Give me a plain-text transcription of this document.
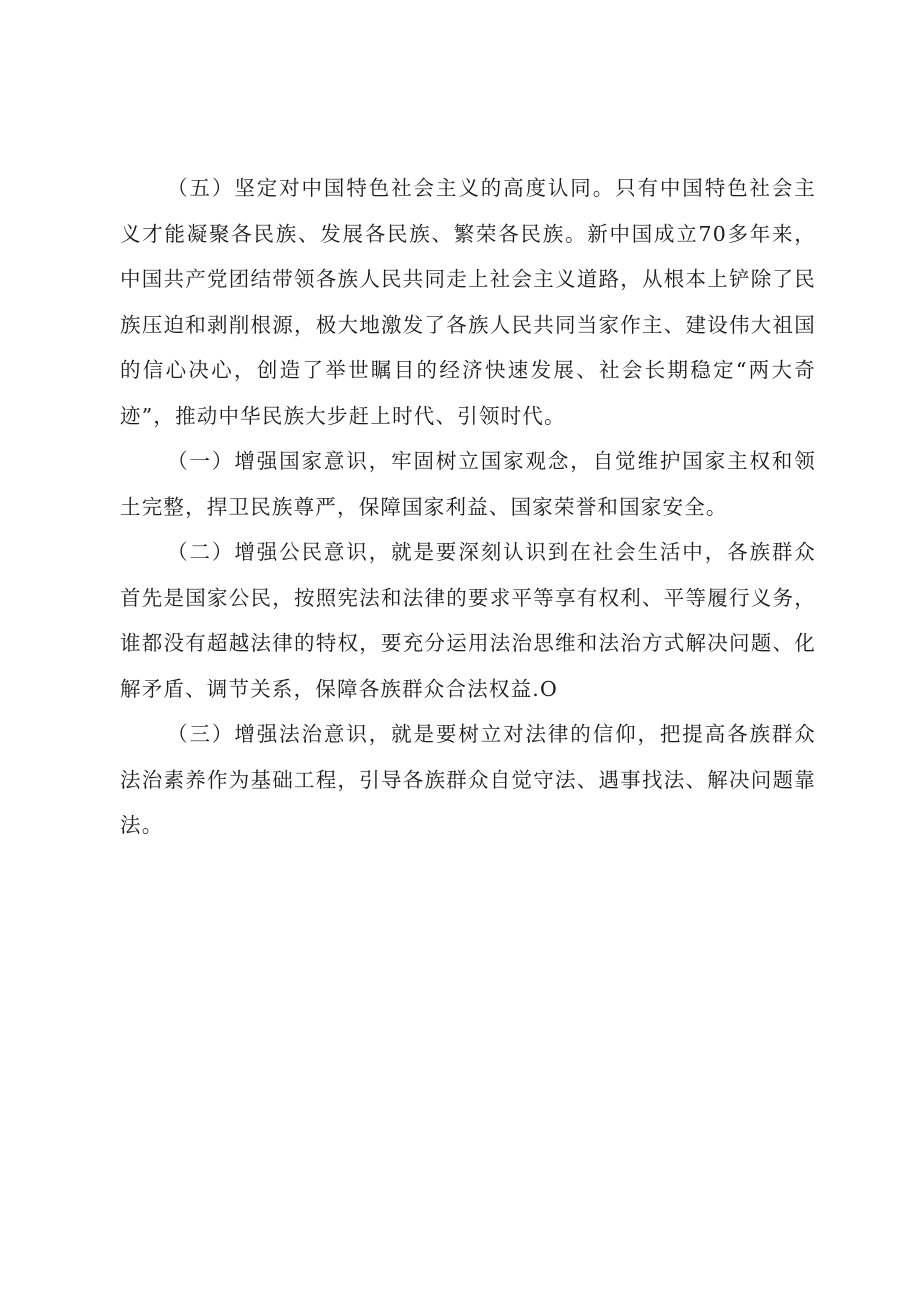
（五）坚定对中国特色社会主义的高度认同。只有中国特色社会主义才能凝聚各民族、发展各民族、繁荣各民族。新中国成立70多年来，中国共产党团结带领各族人民共同走上社会主义道路，从根本上铲除了民族压迫和剥削根源，极大地激发了各族人民共同当家作主、建设伟大祖国的信心决心，创造了举世瞩目的经济快速发展、社会长期稳定“两大奇迹”，推动中华民族大步赶上时代、引领时代。

（一）增强国家意识，牢固树立国家观念，自觉维护国家主权和领土完整，捍卫民族尊严，保障国家利益、国家荣誉和国家安全。

（二）增强公民意识，就是要深刻认识到在社会生活中，各族群众首先是国家公民，按照宪法和法律的要求平等享有权利、平等履行义务，谁都没有超越法律的特权，要充分运用法治思维和法治方式解决问题、化解矛盾、调节关系，保障各族群众合法权益.O

（三）增强法治意识，就是要树立对法律的信仰，把提高各族群众法治素养作为基础工程，引导各族群众自觉守法、遇事找法、解决问题靠法。
